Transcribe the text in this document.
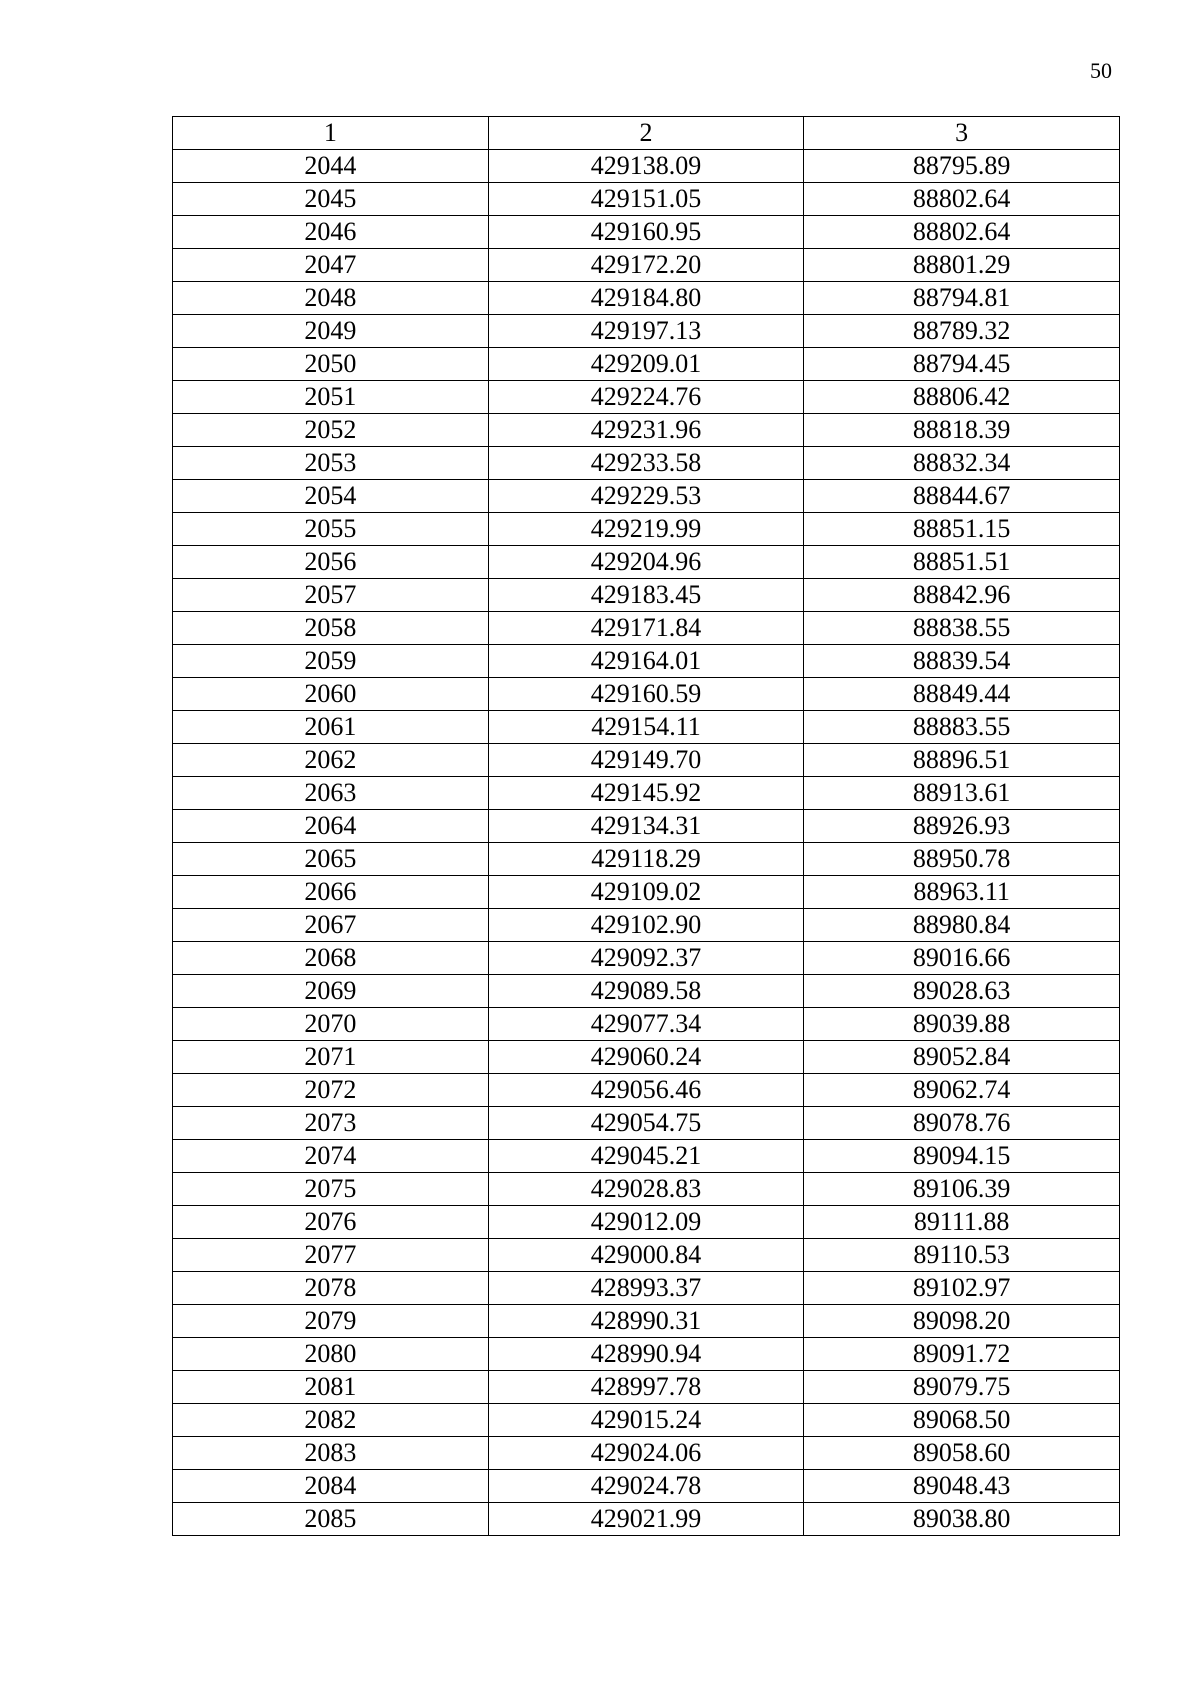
50
1	2	3
2044	429138.09	88795.89
2045	429151.05	88802.64
2046	429160.95	88802.64
2047	429172.20	88801.29
2048	429184.80	88794.81
2049	429197.13	88789.32
2050	429209.01	88794.45
2051	429224.76	88806.42
2052	429231.96	88818.39
2053	429233.58	88832.34
2054	429229.53	88844.67
2055	429219.99	88851.15
2056	429204.96	88851.51
2057	429183.45	88842.96
2058	429171.84	88838.55
2059	429164.01	88839.54
2060	429160.59	88849.44
2061	429154.11	88883.55
2062	429149.70	88896.51
2063	429145.92	88913.61
2064	429134.31	88926.93
2065	429118.29	88950.78
2066	429109.02	88963.11
2067	429102.90	88980.84
2068	429092.37	89016.66
2069	429089.58	89028.63
2070	429077.34	89039.88
2071	429060.24	89052.84
2072	429056.46	89062.74
2073	429054.75	89078.76
2074	429045.21	89094.15
2075	429028.83	89106.39
2076	429012.09	89111.88
2077	429000.84	89110.53
2078	428993.37	89102.97
2079	428990.31	89098.20
2080	428990.94	89091.72
2081	428997.78	89079.75
2082	429015.24	89068.50
2083	429024.06	89058.60
2084	429024.78	89048.43
2085	429021.99	89038.80
